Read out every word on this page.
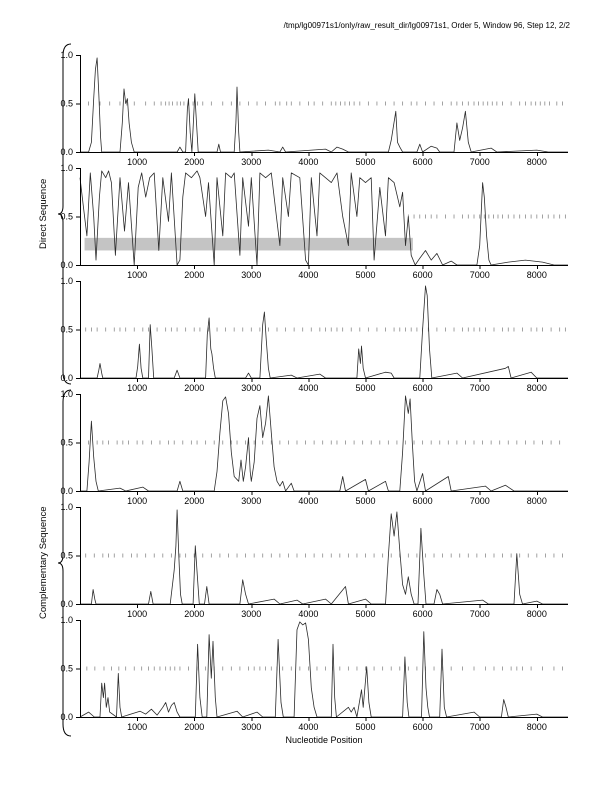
/tmp/lg00971s1/only/raw_result_dir/lg00971s1, Order 5, Window 96, Step 12, 2/2
Direct Sequence
Complementary Sequence
0.0
0.5
1.0
1000	2000	3000	4000	5000	6000	7000	8000
0.0
0.5
1.0
1000	2000	3000	4000	5000	6000	7000	8000
0.0
0.5
1.0
1000	2000	3000	4000	5000	6000	7000	8000
0.0
0.5
1.0
1000	2000	3000	4000	5000	6000	7000	8000
0.0
0.5
1.0
1000	2000	3000	4000	5000	6000	7000	8000
0.0
0.5
1.0
1000	2000	3000	4000	5000	6000	7000	8000
Nucleotide Position
